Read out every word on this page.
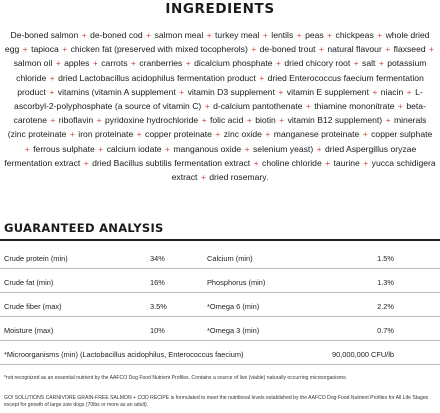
INGREDIENTS
De-boned salmon + de-boned cod + salmon meal + turkey meal + lentils + peas + chickpeas + whole dried egg + tapioca + chicken fat (preserved with mixed tocopherols) + de-boned trout + natural flavour + flaxseed + salmon oil + apples + carrots + cranberries + dicalcium phosphate + dried chicory root + salt + potassium chloride + dried Lactobacillus acidophilus fermentation product + dried Enterococcus faecium fermentation product + vitamins (vitamin A supplement + vitamin D3 supplement + vitamin E supplement + niacin + L-ascorbyl-2-polyphosphate (a source of vitamin C) + d-calcium pantothenate + thiamine mononitrate + beta-carotene + riboflavin + pyridoxine hydrochloride + folic acid + biotin + vitamin B12 supplement) + minerals (zinc proteinate + iron proteinate + copper proteinate + zinc oxide + manganese proteinate + copper sulphate + ferrous sulphate + calcium iodate + manganous oxide + selenium yeast) + dried Aspergillus oryzae fermentation extract + dried Bacillus subtilis fermentation extract + choline chloride + taurine + yucca schidigera extract + dried rosemary.
GUARANTEED ANALYSIS
Crude protein (min)	34%	Calcium (min)	1.5%
Crude fat (min)	16%	Phosphorus (min)	1.3%
Crude fiber (max)	3.5%	*Omega 6 (min)	2.2%
Moisture (max)	10%	*Omega 3 (min)	0.7%
*Microorganisms (min) (Lactobacillus acidophilus, Enterococcus faecium)	90,000,000 CFU/lb
*not recognized as an essential nutrient by the AAFCO Dog Food Nutrient Profiles. Contains a source of live (viable) naturally occurring microorganisms.
GO! SOLUTIONS CARNIVORE GRAIN-FREE SALMON + COD RECIPE is formulated to meet the nutritional levels established by the AAFCO Dog Food Nutrient Profiles for All Life Stages except for growth of large size dogs (70lbs or more as an adult).
